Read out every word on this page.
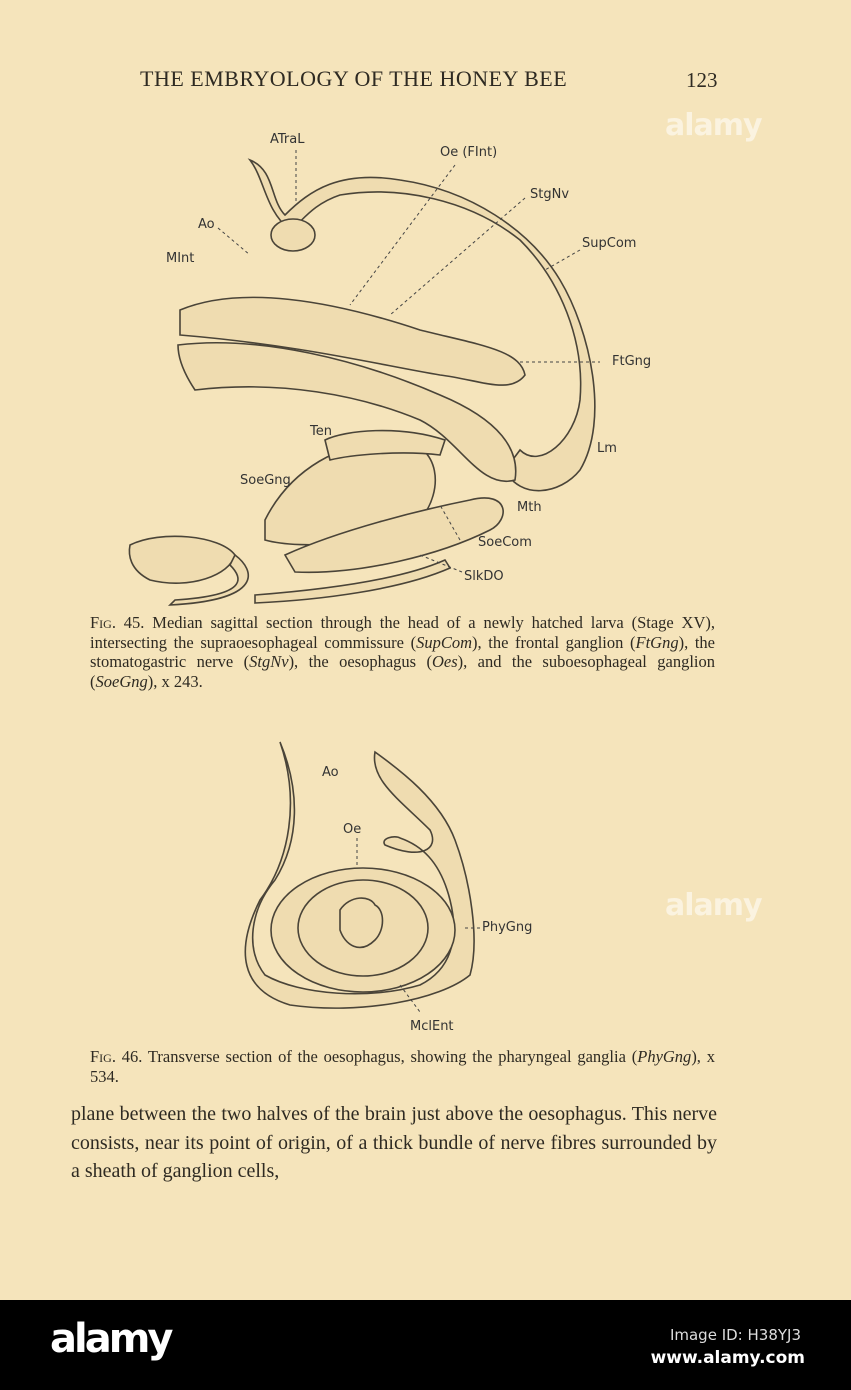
THE EMBRYOLOGY OF THE HONEY BEE	123
ATraL
Oe (FInt)
StgNv
SupCom
Ao
MInt
FtGng
Lm
Ten
SoeGng
Mth
SoeCom
SlkDO

Fig. 45. Median sagittal section through the head of a newly hatched larva (Stage XV), intersecting the supraoesophageal commissure (SupCom), the frontal ganglion (FtGng), the stomatogastric nerve (StgNv), the oesophagus (Oes), and the suboesophageal ganglion (SoeGng), x 243.

Ao
Oe
PhyGng
MclEnt

Fig. 46. Transverse section of the oesophagus, showing the pharyngeal ganglia (PhyGng), x 534.

plane between the two halves of the brain just above the oesophagus. This nerve consists, near its point of origin, of a thick bundle of nerve fibres surrounded by a sheath of ganglion cells,

alamy
alamy
alamy	Image ID: H38YJ3
www.alamy.com
